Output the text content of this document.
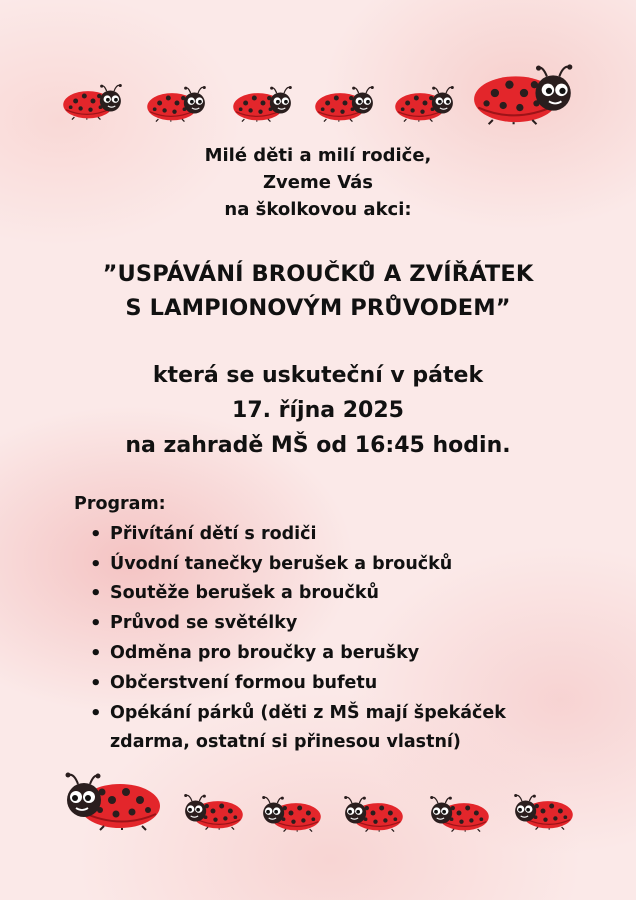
Milé děti a milí rodiče,
Zveme Vás
na školkovou akci:
”USPÁVÁNÍ BROUČKŮ A ZVÍŘÁTEK
S LAMPIONOVÝM PRŮVODEM”
která se uskuteční v pátek
17. října 2025
na zahradě MŠ od 16:45 hodin.
Program:
• Přivítání dětí s rodiči
• Úvodní tanečky berušek a broučků
• Soutěže berušek a broučků
• Průvod se světélky
• Odměna pro broučky a berušky
• Občerstvení formou bufetu
• Opékání párků (děti z MŠ mají špekáček zdarma, ostatní si přinesou vlastní)
